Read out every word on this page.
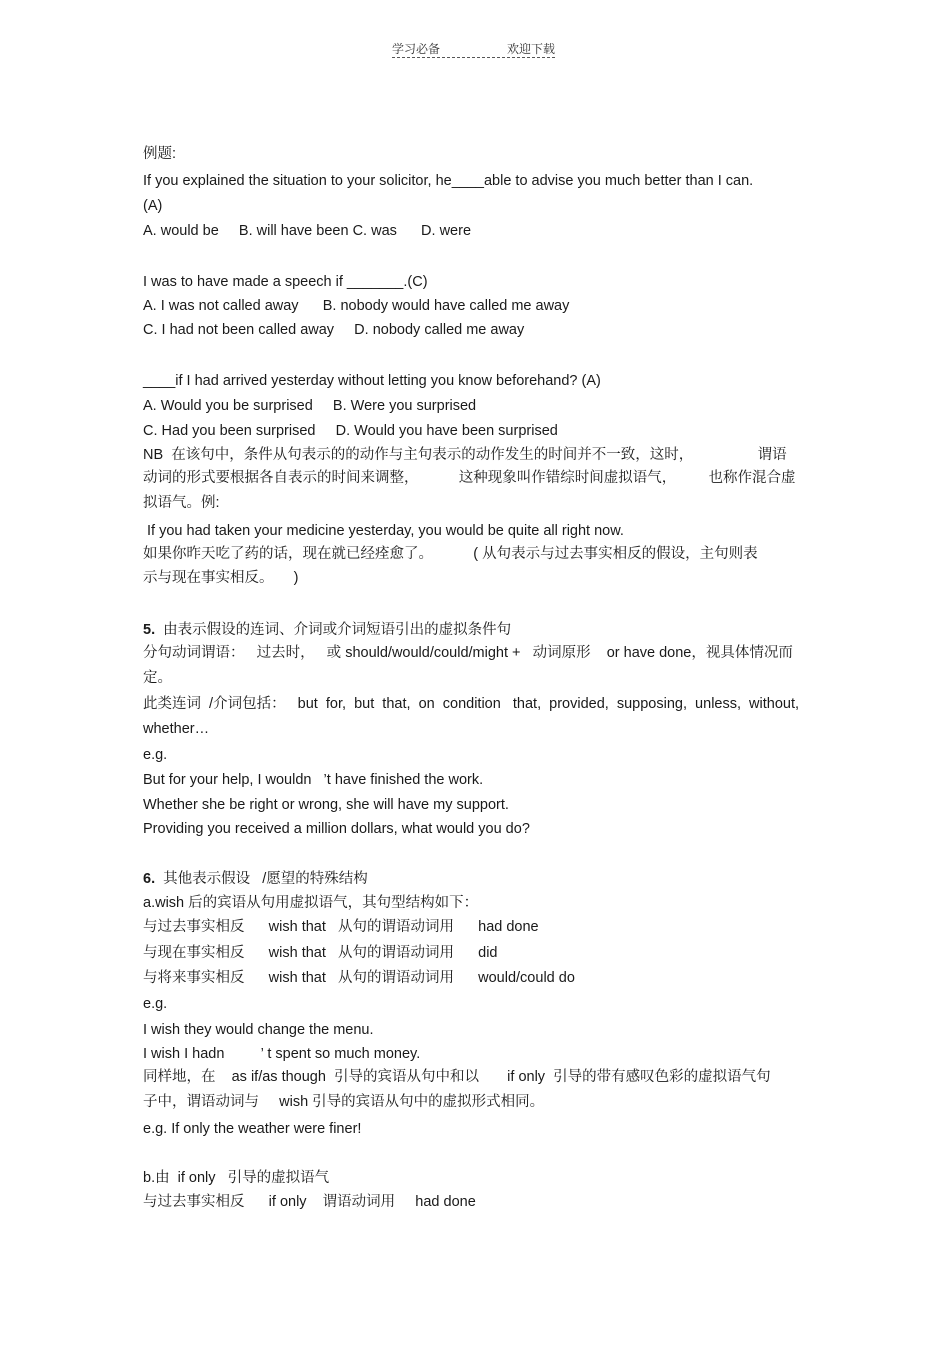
学习必备	欢迎下载
例题:
If you explained the situation to your solicitor, he____able to advise you much better than I can.
(A)
A. would be     B. will have been C. was      D. were
I was to have made a speech if _______.(C)
A. I was not called away      B. nobody would have called me away
C. I had not been called away     D. nobody called me away
____if I had arrived yesterday without letting you know beforehand? (A)
A. Would you be surprised     B. Were you surprised
C. Had you been surprised     D. Would you have been surprised
NB  在该句中，条件从句表示的的动作与主句表示的动作发生的时间并不一致，这时，                谓语
动词的形式要根据各自表示的时间来调整，          这种现象叫作错综时间虚拟语气，        也称作混合虚
拟语气。例:
If you had taken your medicine yesterday, you would be quite all right now.
如果你昨天吃了药的话，现在就已经痊愈了。          ( 从句表示与过去事实相反的假设，主句则表
示与现在事实相反。     )
5. 由表示假设的连词、介词或介词短语引出的虚拟条件句
分句动词谓语：   过去时，   或 should/would/could/might +   动词原形    or have done，视具体情况而
定。
此类连词  /介词包括：   but  for,  but  that,  on  condition   that,  provided,  supposing,  unless,  without,
whether…
e.g.
But for your help, I wouldn   ’t have finished the work.
Whether she be right or wrong, she will have my support.
Providing you received a million dollars, what would you do?
6. 其他表示假设   /愿望的特殊结构
a.wish 后的宾语从句用虚拟语气，其句型结构如下：
与过去事实相反      wish that   从句的谓语动词用      had done
与现在事实相反      wish that   从句的谓语动词用      did
与将来事实相反      wish that   从句的谓语动词用      would/could do
e.g.
I wish they would change the menu.
I wish I hadn         ’ t spent so much money.
同样地，在    as if/as though  引导的宾语从句中和以       if only  引导的带有感叹色彩的虚拟语气句
子中，谓语动词与     wish 引导的宾语从句中的虚拟形式相同。
e.g. If only the weather were finer!
b.由  if only   引导的虚拟语气
与过去事实相反      if only    谓语动词用     had done
